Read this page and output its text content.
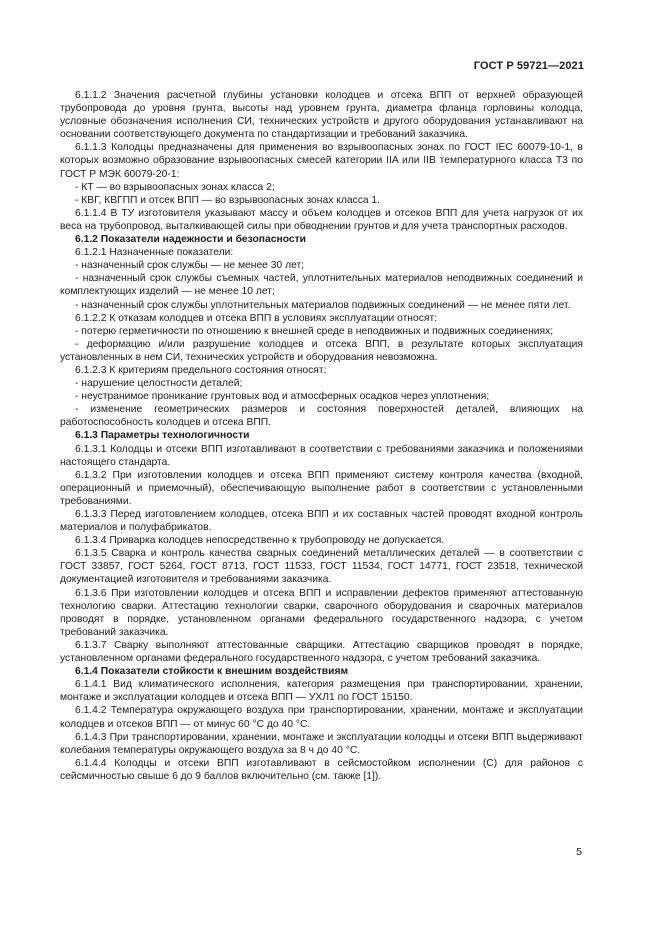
ГОСТ Р 59721—2021

6.1.1.2 Значения расчетной глубины установки колодцев и отсека ВПП от верхней образующей трубопровода до уровня грунта, высоты над уровнем грунта, диаметра фланца горловины колодца, условные обозначения исполнения СИ, технических устройств и другого оборудования устанавливают на основании соответствующего документа по стандартизации и требований заказчика.

6.1.1.3 Колодцы предназначены для применения во взрывоопасных зонах по ГОСТ IEC 60079-10-1, в которых возможно образование взрывоопасных смесей категории IIA или IIB температурного класса Т3 по ГОСТ Р МЭК 60079-20-1:

- КТ — во взрывоопасных зонах класса 2;

- КВГ, КВГПП и отсек ВПП — во взрывоопасных зонах класса 1.

6.1.1.4 В ТУ изготовителя указывают массу и объем колодцев и отсеков ВПП для учета нагрузок от их веса на трубопровод, выталкивающей силы при обводнении грунтов и для учета транспортных расходов.

6.1.2 Показатели надежности и безопасности

6.1.2.1 Назначенные показатели:

- назначенный срок службы — не менее 30 лет;

- назначенный срок службы съемных частей, уплотнительных материалов неподвижных соединений и комплектующих изделий — не менее 10 лет;

- назначенный срок службы уплотнительных материалов подвижных соединений — не менее пяти лет.

6.1.2.2 К отказам колодцев и отсека ВПП в условиях эксплуатации относят:

- потерю герметичности по отношению к внешней среде в неподвижных и подвижных соединениях;

- деформацию и/или разрушение колодцев и отсека ВПП, в результате которых эксплуатация установленных в нем СИ, технических устройств и оборудования невозможна.

6.1.2.3 К критериям предельного состояния относят:

- нарушение целостности деталей;

- неустранимое проникание грунтовых вод и атмосферных осадков через уплотнения;

- изменение геометрических размеров и состояния поверхностей деталей, влияющих на работоспособность колодцев и отсека ВПП.

6.1.3 Параметры технологичности

6.1.3.1 Колодцы и отсеки ВПП изготавливают в соответствии с требованиями заказчика и положениями настоящего стандарта.

6.1.3.2 При изготовлении колодцев и отсека ВПП применяют систему контроля качества (входной, операционный и приемочный), обеспечивающую выполнение работ в соответствии с установленными требованиями.

6.1.3.3 Перед изготовлением колодцев, отсека ВПП и их составных частей проводят входной контроль материалов и полуфабрикатов.

6.1.3.4 Приварка колодцев непосредственно к трубопроводу не допускается.

6.1.3.5 Сварка и контроль качества сварных соединений металлических деталей — в соответствии с ГОСТ 33857, ГОСТ 5264, ГОСТ 8713, ГОСТ 11533, ГОСТ 11534, ГОСТ 14771, ГОСТ 23518, технической документацией изготовителя и требованиями заказчика.

6.1.3.6 При изготовлении колодцев и отсека ВПП и исправлении дефектов применяют аттестованную технологию сварки. Аттестацию технологии сварки, сварочного оборудования и сварочных материалов проводят в порядке, установленном органами федерального государственного надзора, с учетом требований заказчика.

6.1.3.7 Сварку выполняют аттестованные сварщики. Аттестацию сварщиков проводят в порядке, установленном органами федерального государственного надзора, с учетом требований заказчика.

6.1.4 Показатели стойкости к внешним воздействиям

6.1.4.1 Вид климатического исполнения, категория размещения при транспортировании, хранении, монтаже и эксплуатации колодцев и отсека ВПП — УХЛ1 по ГОСТ 15150.

6.1.4.2 Температура окружающего воздуха при транспортировании, хранении, монтаже и эксплуатации колодцев и отсеков ВПП — от минус 60 °С до 40 °С.

6.1.4.3 При транспортировании, хранении, монтаже и эксплуатации колодцы и отсеки ВПП выдерживают колебания температуры окружающего воздуха за 8 ч до 40 °С.

6.1.4.4 Колодцы и отсеки ВПП изготавливают в сейсмостойком исполнении (С) для районов с сейсмичностью свыше 6 до 9 баллов включительно (см. также [1]).

5
